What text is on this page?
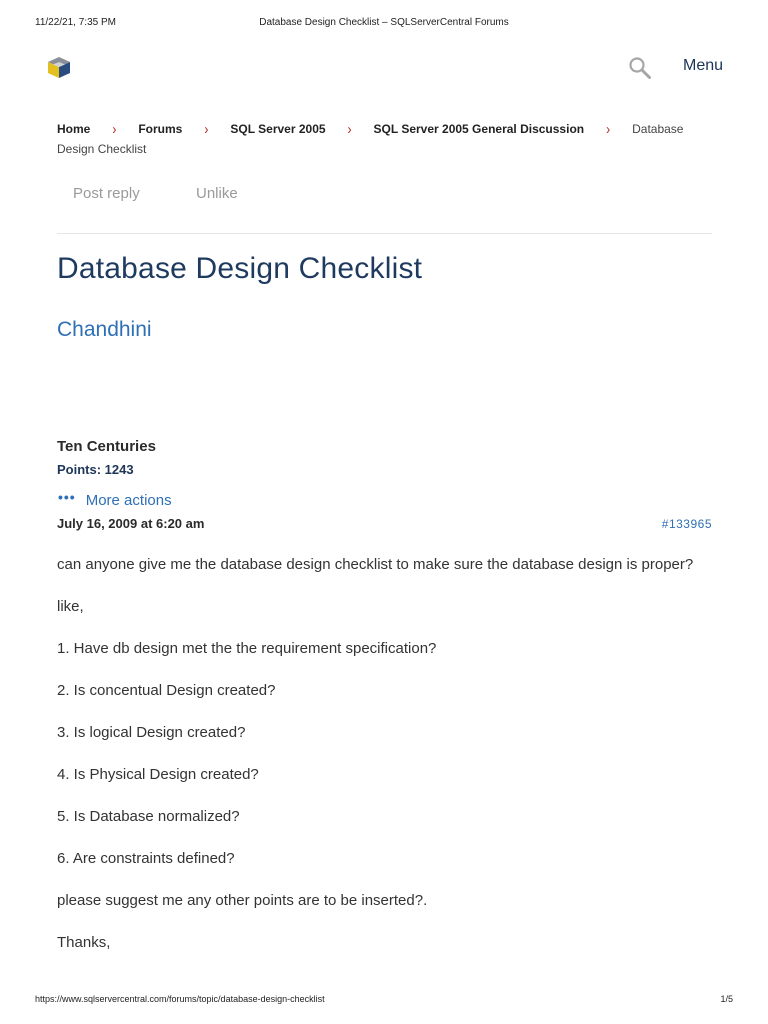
11/22/21, 7:35 PM	Database Design Checklist – SQLServerCentral Forums
Menu
Home › Forums › SQL Server 2005 › SQL Server 2005 General Discussion › Database Design Checklist
Post reply	Unlike
Database Design Checklist
Chandhini
Ten Centuries
Points: 1243
••• More actions
July 16, 2009 at 6:20 am	#133965

can anyone give me the database design checklist to make sure the database design is proper?

like,

1. Have db design met the the requirement specification?

2. Is concentual Design created?

3. Is logical Design created?

4. Is Physical Design created?

5. Is Database normalized?

6. Are constraints defined?

please suggest me any other points are to be inserted?.

Thanks,

https://www.sqlservercentral.com/forums/topic/database-design-checklist	1/5
